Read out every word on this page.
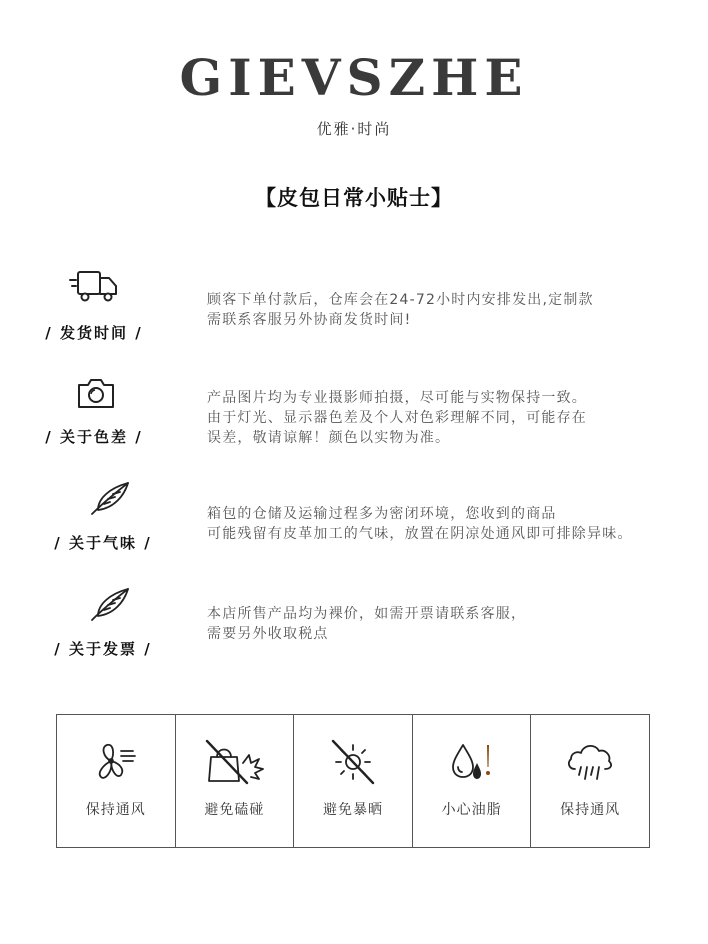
GIEVSZHE
优雅·时尚
【皮包日常小贴士】
/ 发货时间 /
顾客下单付款后，仓库会在24-72小时内安排发出,定制款
需联系客服另外协商发货时间!
/ 关于色差 /
产品图片均为专业摄影师拍摄，尽可能与实物保持一致。
由于灯光、显示器色差及个人对色彩理解不同，可能存在
误差，敬请谅解！颜色以实物为准。
/ 关于气味 /
箱包的仓储及运输过程多为密闭环境，您收到的商品
可能残留有皮革加工的气味，放置在阴凉处通风即可排除异味。
/ 关于发票 /
本店所售产品均为裸价，如需开票请联系客服，
需要另外收取税点
保持通风	避免磕碰	避免暴晒	小心油脂	保持通风
